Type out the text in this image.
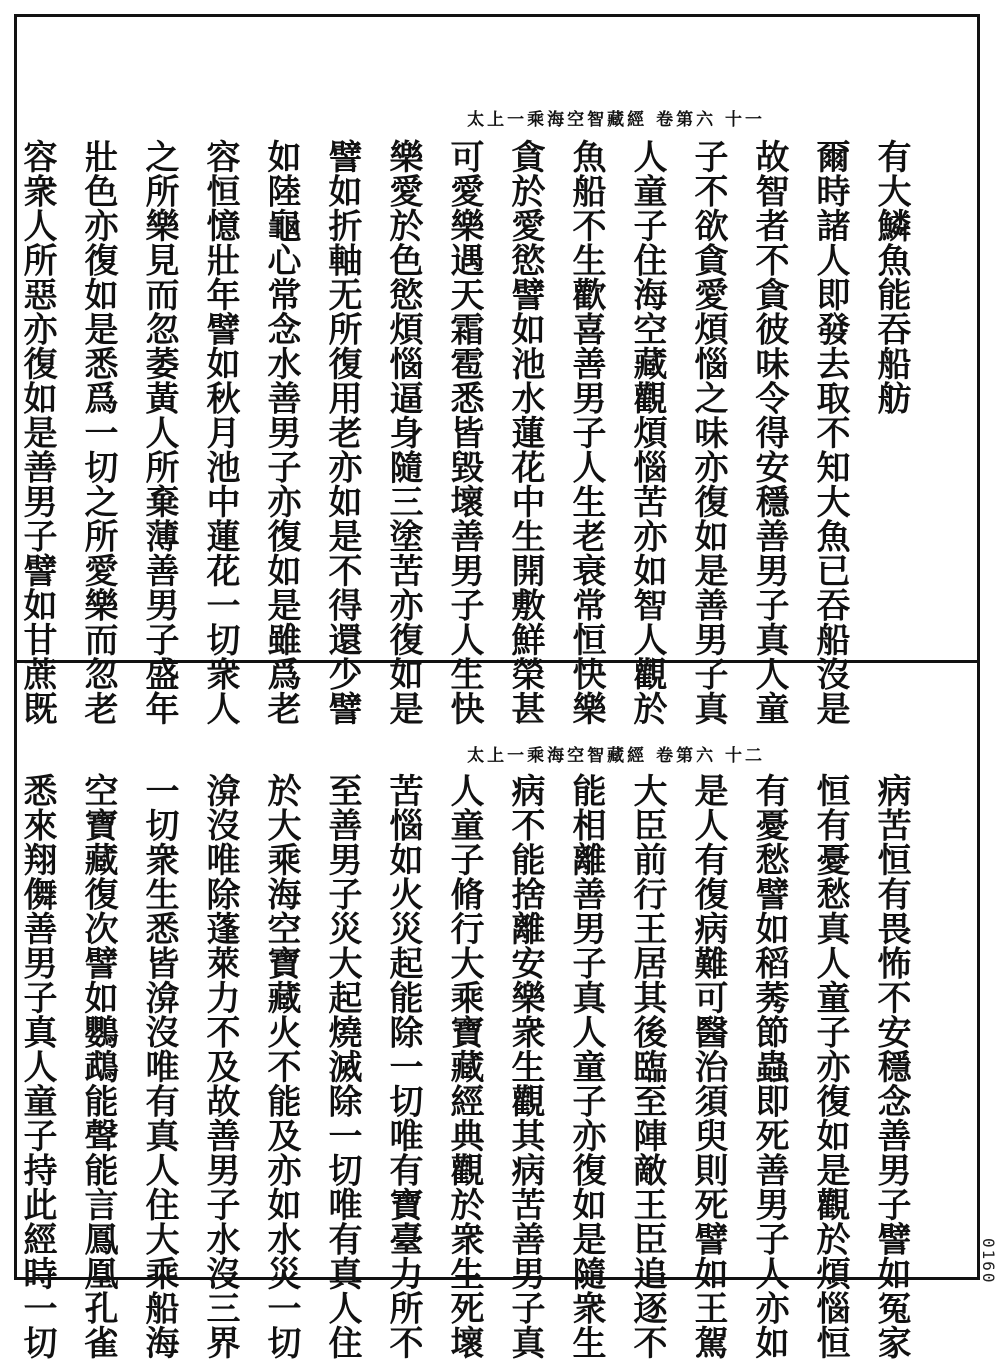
太上一乘海空智藏經 卷第六 十一
有大鱗魚能吞船舫
爾時諸人即發去取不知大魚已吞船沒是
故智者不貪彼味令得安穩善男子真人童
子不欲貪愛煩惱之味亦復如是善男子真
人童子住海空藏觀煩惱苦亦如智人觀於
魚船不生歡喜善男子人生老衰常恒快樂
貪於愛慾譬如池水蓮花中生開敷鮮榮甚
可愛樂遇天霜雹悉皆毀壞善男子人生快
樂愛於色慾煩惱逼身隨三塗苦亦復如是
譬如折軸无所復用老亦如是不得還少譬
如陸龜心常念水善男子亦復如是雖爲老
容恒憶壯年譬如秋月池中蓮花一切衆人
之所樂見而忽萎黃人所棄薄善男子盛年
壯色亦復如是悉爲一切之所愛樂而忽老
容衆人所惡亦復如是善男子譬如甘蔗既
太上一乘海空智藏經 卷第六 十二
病苦恒有畏怖不安穩念善男子譬如冤家
恒有憂愁真人童子亦復如是觀於煩惱恒
有憂愁譬如稻莠節蟲即死善男子人亦如
是人有復病難可醫治須臾則死譬如王駕
大臣前行王居其後臨至陣敵王臣追逐不
能相離善男子真人童子亦復如是隨衆生
病不能捨離安樂衆生觀其病苦善男子真
人童子脩行大乘寶藏經典觀於衆生死壞
苦惱如火災起能除一切唯有寶臺力所不
至善男子災大起燒滅除一切唯有真人住
於大乘海空寶藏火不能及亦如水災一切
渰沒唯除蓬萊力不及故善男子水沒三界
一切衆生悉皆渰沒唯有真人住大乘船海
空寶藏復次譬如鸚鵡能聲能言鳳凰孔雀
悉來翔儛善男子真人童子持此經時一切	0160
